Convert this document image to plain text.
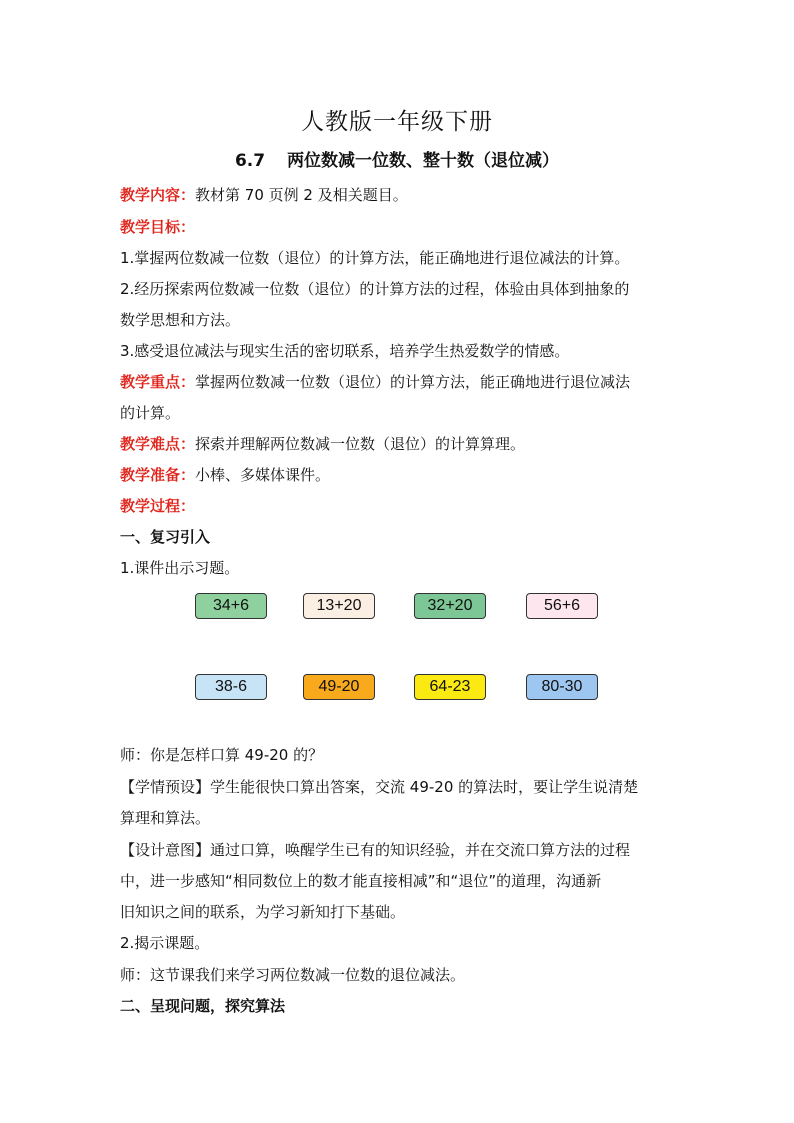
人教版一年级下册
6.7 两位数减一位数、整十数（退位减）
教学内容：教材第 70 页例 2 及相关题目。
教学目标：
1.掌握两位数减一位数（退位）的计算方法，能正确地进行退位减法的计算。
2.经历探索两位数减一位数（退位）的计算方法的过程，体验由具体到抽象的
数学思想和方法。
3.感受退位减法与现实生活的密切联系，培养学生热爱数学的情感。
教学重点：掌握两位数减一位数（退位）的计算方法，能正确地进行退位减法
的计算。
教学难点：探索并理解两位数减一位数（退位）的计算算理。
教学准备：小棒、多媒体课件。
教学过程：
一、复习引入
1.课件出示习题。
34+6	13+20	32+20	56+6
38-6	49-20	64-23	80-30
师：你是怎样口算 49-20 的？
【学情预设】学生能很快口算出答案，交流 49-20 的算法时，要让学生说清楚
算理和算法。
【设计意图】通过口算，唤醒学生已有的知识经验，并在交流口算方法的过程
中，进一步感知“相同数位上的数才能直接相减”和“退位”的道理，沟通新
旧知识之间的联系，为学习新知打下基础。
2.揭示课题。
师：这节课我们来学习两位数减一位数的退位减法。
二、呈现问题，探究算法
